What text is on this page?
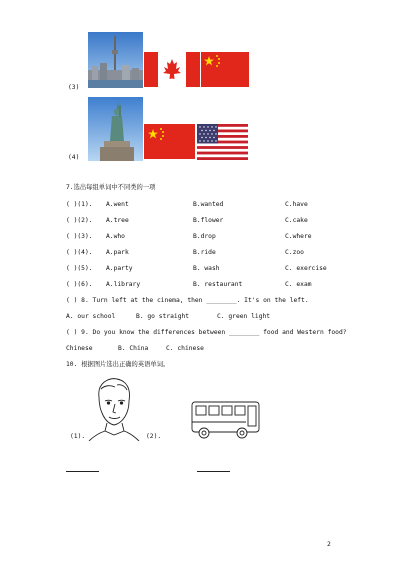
(3)
(4)
7.选出每组单词中不同类的一项
( )(1). A.went	B.wanted	C.have
( )(2). A.tree	B.flower	C.cake
( )(3). A.who	B.drop	C.where
( )(4). A.park	B.ride	C.zoo
( )(5). A.party	B. wash	C. exercise
( )(6). A.library	B. restaurant	C. exam
( ) 8. Turn left at the cinema, then ________. It's on the left.
A. our school	B. go straight	C. green light
( ) 9. Do you know the differences between ________ food and Western food?
Chinese	B. China	C. chinese
10. 根据图片选出正确的英语单词。
(1).	(2).
2
